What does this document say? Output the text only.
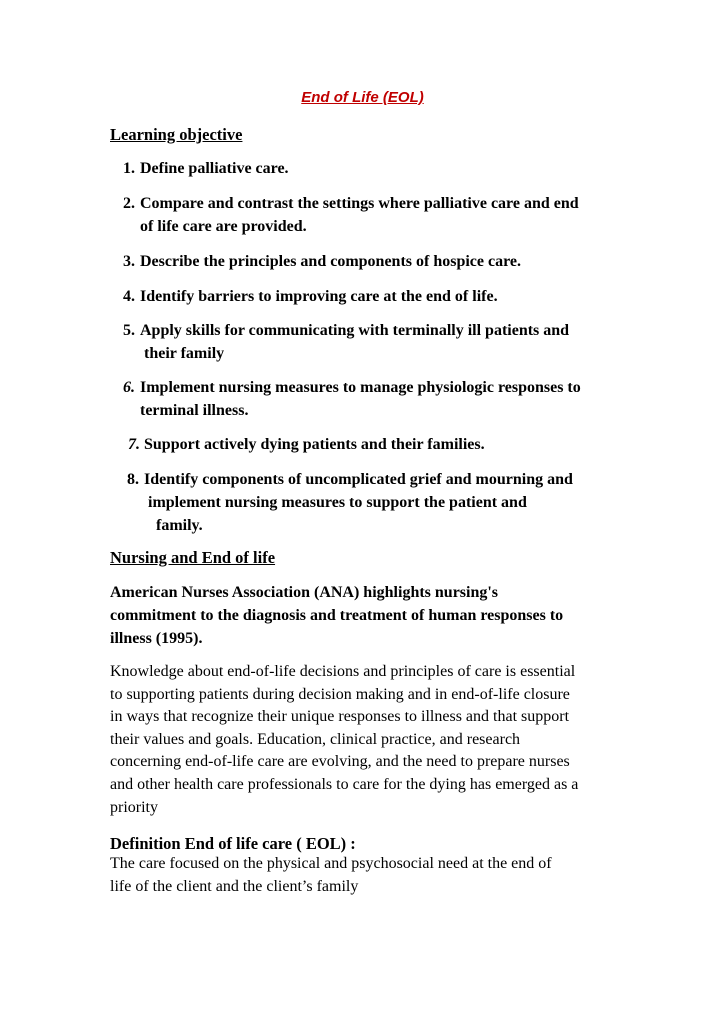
End of Life (EOL)
Learning objective
1. Define palliative care.
2. Compare and contrast the settings where palliative care and end
of life care are provided.
3. Describe the principles and components of hospice care.
4. Identify barriers to improving care at the end of life.
5. Apply skills for communicating with terminally ill patients and
their family
6. Implement nursing measures to manage physiologic responses to
terminal illness.
7. Support actively dying patients and their families.
8. Identify components of uncomplicated grief and mourning and
implement nursing measures to support the patient and
family.
Nursing and End of life
American Nurses Association (ANA) highlights nursing's
commitment to the diagnosis and treatment of human responses to
illness (1995).
Knowledge about end-of-life decisions and principles of care is essential
to supporting patients during decision making and in end-of-life closure
in ways that recognize their unique responses to illness and that support
their values and goals. Education, clinical practice, and research
concerning end-of-life care are evolving, and the need to prepare nurses
and other health care professionals to care for the dying has emerged as a
priority
Definition End of life care ( EOL) :
The care focused on the physical and psychosocial need at the end of
life of the client and the client’s family
